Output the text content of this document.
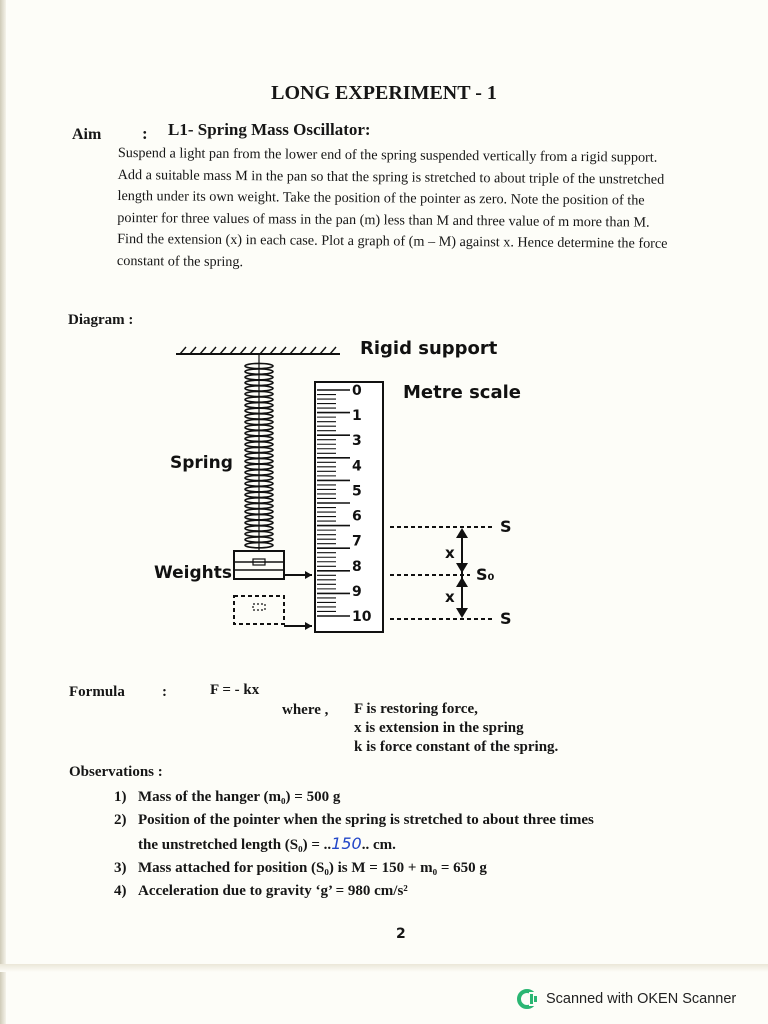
LONG EXPERIMENT - 1
Aim : L1- Spring Mass Oscillator:
Suspend a light pan from the lower end of the spring suspended vertically from a rigid support.
Add a suitable mass M in the pan so that the spring is stretched to about triple of the unstretched
length under its own weight. Take the position of the pointer as zero. Note the position of the
pointer for three values of mass in the pan (m) less than M and three value of m more than M.
Find the extension (x) in each case. Plot a graph of (m – M) against x. Hence determine the force
constant of the spring.
Diagram :
Rigid support
Spring
Weights
0
1
3
4
5
6
7
8
9
10
Metre scale
x
x
S
S₀
S
Formula :	F = - kx
where , F is restoring force,
x is extension in the spring
k is force constant of the spring.
Observations :
1) Mass of the hanger (m₀) = 500 g
2) Position of the pointer when the spring is stretched to about three times
the unstretched length (S₀) = ..150.. cm.
3) Mass attached for position (S₀) is M = 150 + m₀ = 650 g
4) Acceleration due to gravity ‘g’ = 980 cm/s²
2
Scanned with OKEN Scanner
